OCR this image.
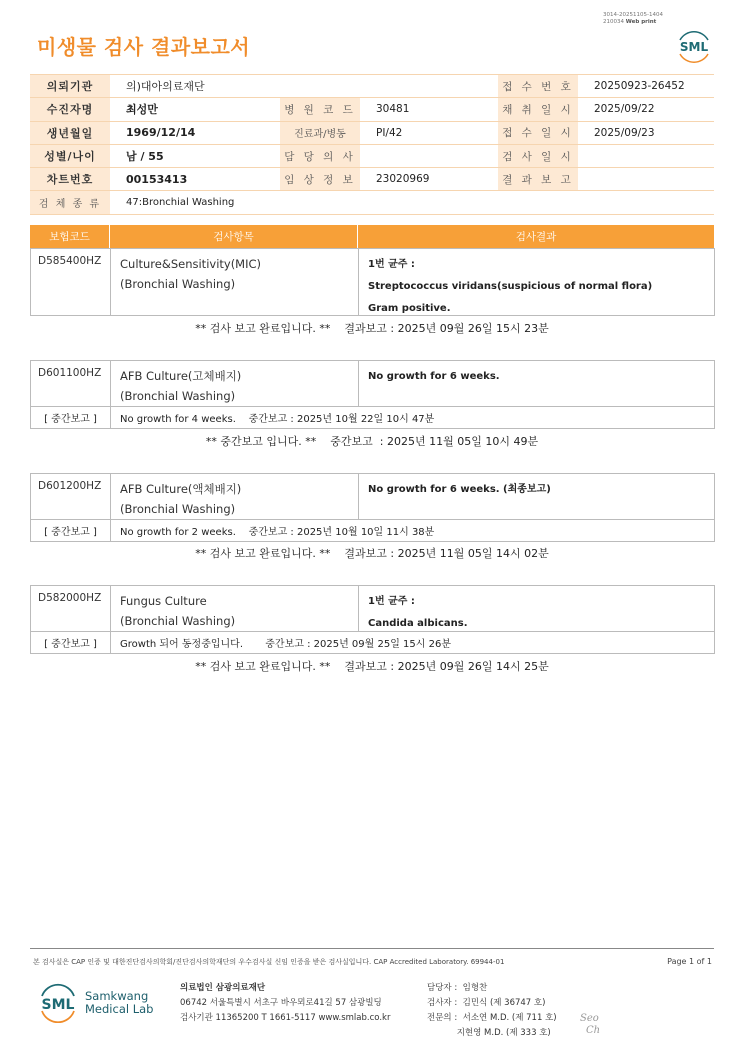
3014-20251105-1404
210034 Web print
미생물 검사 결과보고서	SML
의뢰기관	의)대아의료재단			접 수 번 호	20250923-26452
수진자명	최성만	병 원 코 드	30481	채 취 일 시	2025/09/22
생년월일	1969/12/14	진료과/병동	PI/42	접 수 일 시	2025/09/23
성별/나이	남 / 55	담 당 의 사		검 사 일 시	
차트번호	00153413	임 상 정 보	23020969	결 과 보 고	
검 체 종 류	47:Bronchial Washing				
보험코드	검사항목	검사결과
D585400HZ	Culture&Sensitivity(MIC)
(Bronchial Washing)
1번 균주 :
Streptococcus viridans(suspicious of normal flora)
Gram positive.
** 검사 보고 완료입니다. **    결과보고 : 2025년 09월 26일 15시 23분
D601100HZ	AFB Culture(고체배지)
(Bronchial Washing)
No growth for 6 weeks.
[ 중간보고 ]	No growth for 4 weeks.    중간보고 : 2025년 10월 22일 10시 47분
** 중간보고 입니다. **    중간보고  : 2025년 11월 05일 10시 49분
D601200HZ	AFB Culture(액체배지)
(Bronchial Washing)
No growth for 6 weeks. (최종보고)
[ 중간보고 ]	No growth for 2 weeks.    중간보고 : 2025년 10월 10일 11시 38분
** 검사 보고 완료입니다. **    결과보고 : 2025년 11월 05일 14시 02분
D582000HZ	Fungus Culture
(Bronchial Washing)
1번 균주 :
Candida albicans.
[ 중간보고 ]	Growth 되어 동정중입니다.       중간보고 : 2025년 09월 25일 15시 26분
** 검사 보고 완료입니다. **    결과보고 : 2025년 09월 26일 14시 25분
본 검사실은 CAP 인증 및 대한진단검사의학회/진단검사의학재단의 우수검사실 신임 인증을 받은 검사실입니다. CAP Accredited Laboratory. 69944-01	Page 1 of 1
SML
Samkwang
Medical Lab
의료법인 삼광의료재단
06742 서울특별시 서초구 바우뫼로41길 57 삼광빌딩
검사기관 11365200 T 1661-5117 www.smlab.co.kr
담당자 :  임형찬
검사자 :  김민식 (제 36747 호)
전문의 :  서소연 M.D. (제 711 호)
지현영 M.D. (제 333 호)
Seo
Ch
